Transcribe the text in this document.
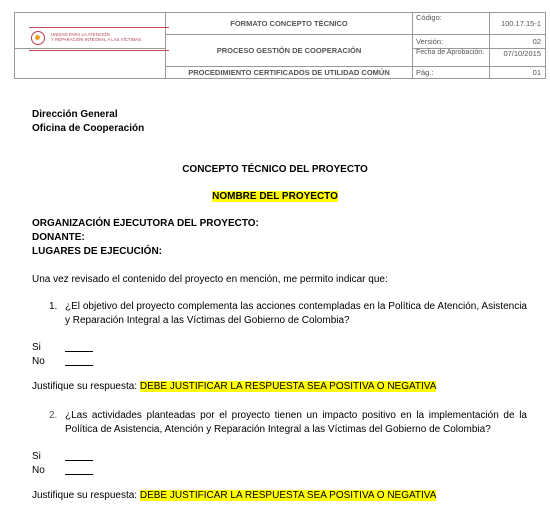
UNIDAD PARA LA ATENCIÓN
Y REPARACIÓN INTEGRAL A LAS VÍCTIMAS	FORMATO CONCEPTO TÉCNICO	Código:	100.17.15-1
	PROCESO GESTIÓN DE COOPERACIÓN	Versión:	02
		Fecha de Aprobación:	07/10/2015
	PROCEDIMIENTO CERTIFICADOS DE UTILIDAD COMÚN	Pág.:	01
Dirección General
Oficina de Cooperación
CONCEPTO TÉCNICO DEL PROYECTO
NOMBRE DEL PROYECTO
ORGANIZACIÓN EJECUTORA DEL PROYECTO:
DONANTE:
LUGARES DE EJECUCIÓN:
Una vez revisado el contenido del proyecto en mención, me permito indicar que:
1. ¿El objetivo del proyecto complementa las acciones contempladas en la Política de Atención, Asistencia y Reparación Integral a las Víctimas del Gobierno de Colombia?
Si
No
Justifique su respuesta: DEBE JUSTIFICAR LA RESPUESTA SEA POSITIVA O NEGATIVA
2. ¿Las actividades planteadas por el proyecto tienen un impacto positivo en la implementación de la Política de Asistencia, Atención y Reparación Integral a las Víctimas del Gobierno de Colombia?
Si
No
Justifique su respuesta: DEBE JUSTIFICAR LA RESPUESTA SEA POSITIVA O NEGATIVA
